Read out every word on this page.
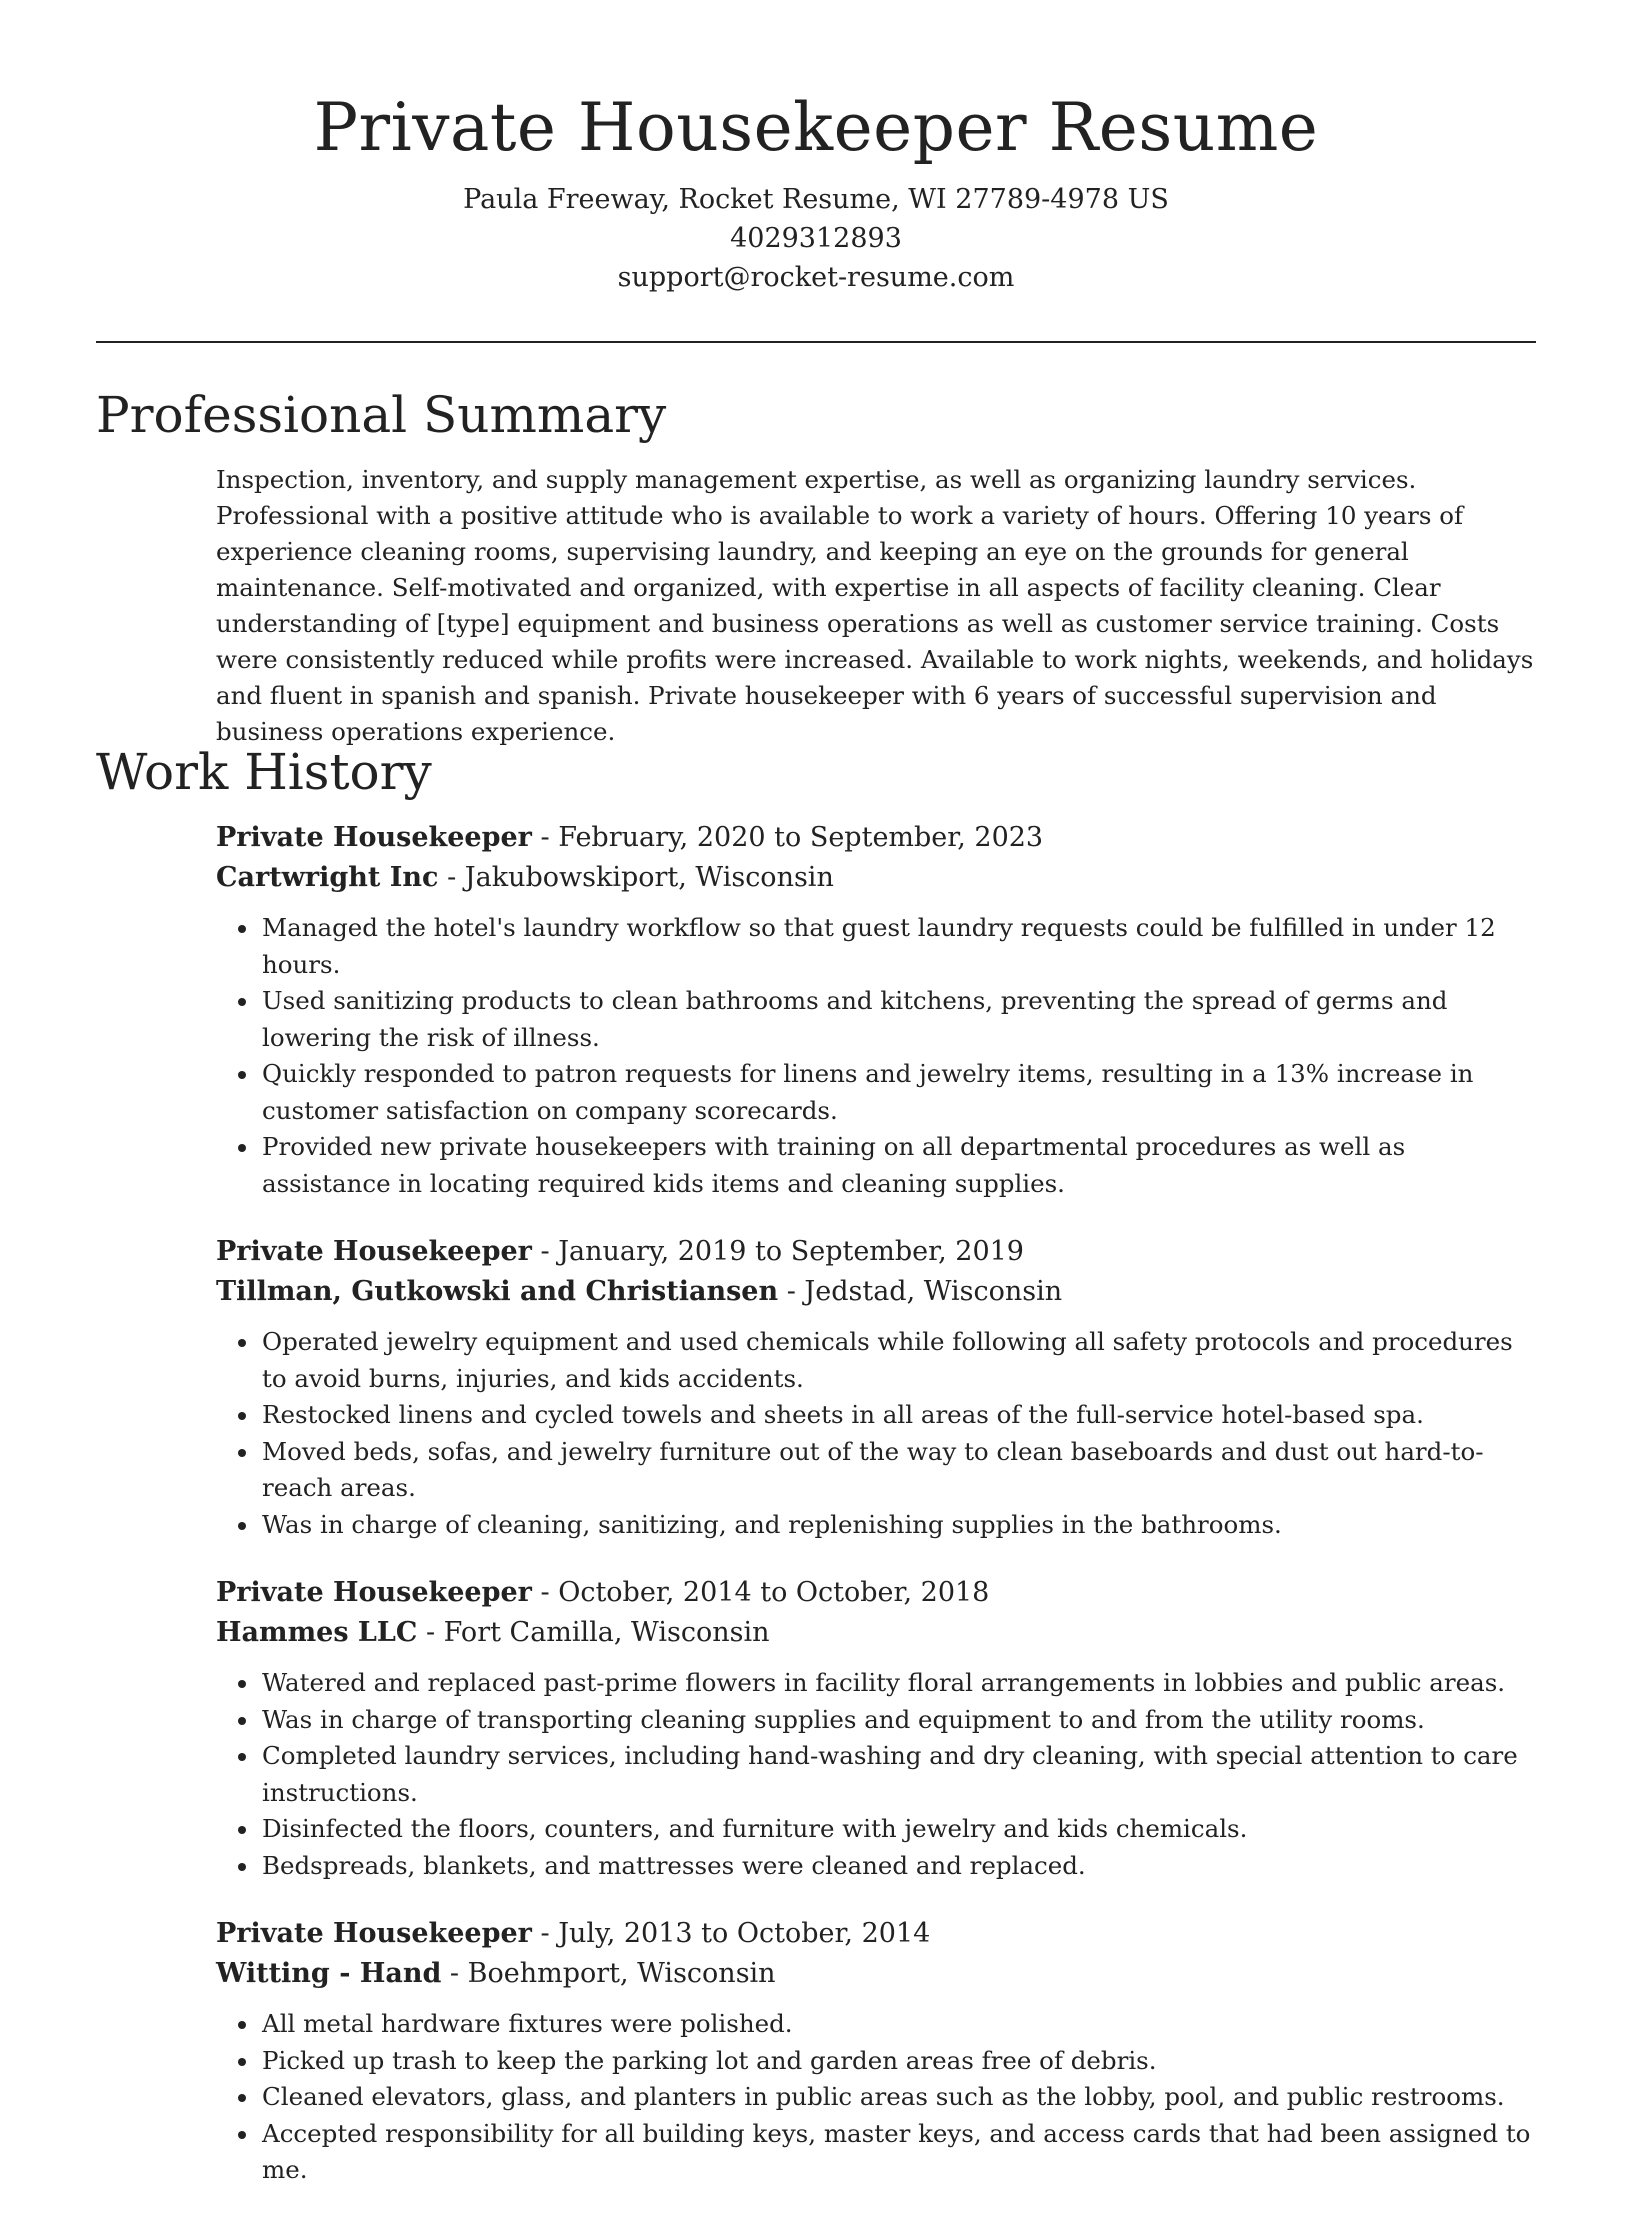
Private Housekeeper Resume
Paula Freeway, Rocket Resume, WI 27789-4978 US
4029312893
support@rocket-resume.com
Professional Summary

Inspection, inventory, and supply management expertise, as well as organizing laundry services. Professional with a positive attitude who is available to work a variety of hours. Offering 10 years of experience cleaning rooms, supervising laundry, and keeping an eye on the grounds for general maintenance. Self-motivated and organized, with expertise in all aspects of facility cleaning. Clear understanding of [type] equipment and business operations as well as customer service training. Costs were consistently reduced while profits were increased. Available to work nights, weekends, and holidays and fluent in spanish and spanish. Private housekeeper with 6 years of successful supervision and business operations experience.

Work History

Private Housekeeper - February, 2020 to September, 2023

Cartwright Inc - Jakubowskiport, Wisconsin

• Managed the hotel's laundry workflow so that guest laundry requests could be fulfilled in under 12 hours.
• Used sanitizing products to clean bathrooms and kitchens, preventing the spread of germs and lowering the risk of illness.
• Quickly responded to patron requests for linens and jewelry items, resulting in a 13% increase in customer satisfaction on company scorecards.
• Provided new private housekeepers with training on all departmental procedures as well as assistance in locating required kids items and cleaning supplies.

Private Housekeeper - January, 2019 to September, 2019

Tillman, Gutkowski and Christiansen - Jedstad, Wisconsin

• Operated jewelry equipment and used chemicals while following all safety protocols and procedures to avoid burns, injuries, and kids accidents.
• Restocked linens and cycled towels and sheets in all areas of the full-service hotel-based spa.
• Moved beds, sofas, and jewelry furniture out of the way to clean baseboards and dust out hard-to-reach areas.
• Was in charge of cleaning, sanitizing, and replenishing supplies in the bathrooms.

Private Housekeeper - October, 2014 to October, 2018

Hammes LLC - Fort Camilla, Wisconsin

• Watered and replaced past-prime flowers in facility floral arrangements in lobbies and public areas.
• Was in charge of transporting cleaning supplies and equipment to and from the utility rooms.
• Completed laundry services, including hand-washing and dry cleaning, with special attention to care instructions.
• Disinfected the floors, counters, and furniture with jewelry and kids chemicals.
• Bedspreads, blankets, and mattresses were cleaned and replaced.

Private Housekeeper - July, 2013 to October, 2014

Witting - Hand - Boehmport, Wisconsin

• All metal hardware fixtures were polished.
• Picked up trash to keep the parking lot and garden areas free of debris.
• Cleaned elevators, glass, and planters in public areas such as the lobby, pool, and public restrooms.
• Accepted responsibility for all building keys, master keys, and access cards that had been assigned to me.
